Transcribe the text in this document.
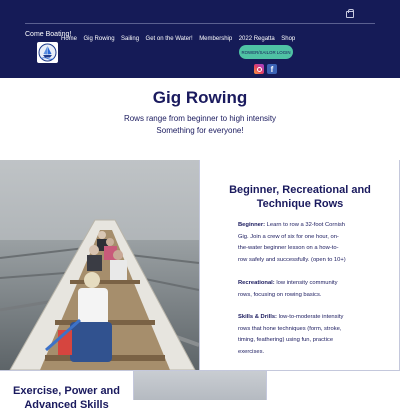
Come Boating!
Home Gig Rowing Sailing Get on the Water! Membership 2022 Regatta Shop
ROWER/SAILOR LOGIN
f
Gig Rowing

Rows range from beginner to high intensity

Something for everyone!

Beginner, Recreational and
Technique Rows

Beginner: Learn to row a 32-foot Cornish
Gig. Join a crew of six for one hour, on-
the-water beginner lesson on a how-to-
row safely and successfully. (open to 10+)

Recreational: low intensity community
rows, focusing on rowing basics.

Skills & Drills: low-to-moderate intensity
rows that hone techniques (form, stroke,
timing, feathering) using fun, practice
exercises.

Exercise, Power and
Advanced Skills
